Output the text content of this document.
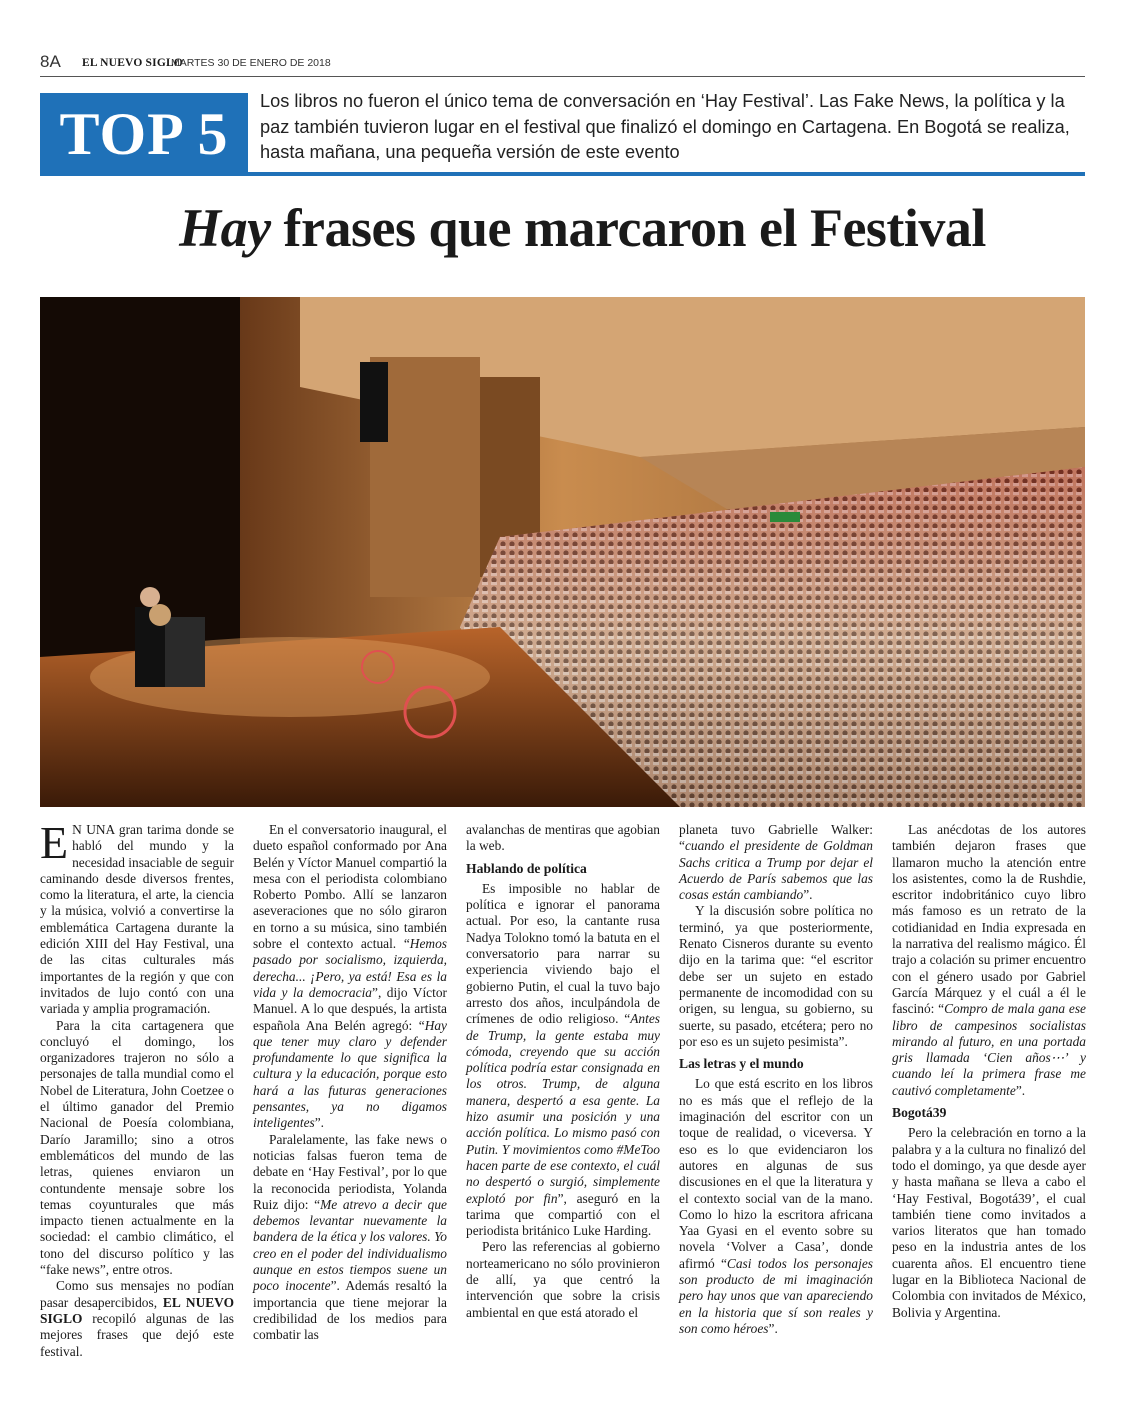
8A EL NUEVO SIGLO
MARTES 30 DE ENERO DE 2018
TOP 5	Los libros no fueron el único tema de conversación en ‘Hay Festival’. Las Fake News, la política y la paz también tuvieron lugar en el festival que finalizó el domingo en Cartagena. En Bogotá se realiza, hasta mañana, una pequeña versión de este evento

Hay frases que marcaron el Festival

E N UNA gran tarima donde se habló del mundo y la necesidad insaciable de seguir caminando desde diversos frentes, como la literatura, el arte, la ciencia y la música, volvió a convertirse la emblemática Cartagena durante la edición XIII del Hay Festival, una de las citas culturales más importantes de la región y que con invitados de lujo contó con una variada y amplia programación.

Para la cita cartagenera que concluyó el domingo, los organizadores trajeron no sólo a personajes de talla mundial como el Nobel de Literatura, John Coetzee o el último ganador del Premio Nacional de Poesía colombiana, Darío Jaramillo; sino a otros emblemáticos del mundo de las letras, quienes enviaron un contundente mensaje sobre los temas coyunturales que más impacto tienen actualmente en la sociedad: el cambio climático, el tono del discurso político y las “fake news”, entre otros.

Como sus mensajes no podían pasar desapercibidos, EL NUEVO SIGLO recopiló algunas de las mejores frases que dejó este festival.

En el conversatorio inaugural, el dueto español conformado por Ana Belén y Víctor Manuel compartió la mesa con el periodista colombiano Roberto Pombo. Allí se lanzaron aseveraciones que no sólo giraron en torno a su música, sino también sobre el contexto actual. “Hemos pasado por socialismo, izquierda, derecha... ¡Pero, ya está! Esa es la vida y la democracia”, dijo Víctor Manuel. A lo que después, la artista española Ana Belén agregó: “Hay que tener muy claro y defender profundamente lo que significa la cultura y la educación, porque esto hará a las futuras generaciones pensantes, ya no digamos inteligentes”.

Paralelamente, las fake news o noticias falsas fueron tema de debate en ‘Hay Festival’, por lo que la reconocida periodista, Yolanda Ruiz dijo: “Me atrevo a decir que debemos levantar nuevamente la bandera de la ética y los valores. Yo creo en el poder del individualismo aunque en estos tiempos suene un poco inocente”. Además resaltó la importancia que tiene mejorar la credibilidad de los medios para combatir las

avalanchas de mentiras que agobian la web.

Hablando de política

Es imposible no hablar de política e ignorar el panorama actual. Por eso, la cantante rusa Nadya Tolokno tomó la batuta en el conversatorio para narrar su experiencia viviendo bajo el gobierno Putin, el cual la tuvo bajo arresto dos años, inculpándola de crímenes de odio religioso. “Antes de Trump, la gente estaba muy cómoda, creyendo que su acción política podría estar consignada en los otros. Trump, de alguna manera, despertó a esa gente. La hizo asumir una posición y una acción política. Lo mismo pasó con Putin. Y movimientos como #MeToo hacen parte de ese contexto, el cuál no despertó o surgió, simplemente explotó por fin”, aseguró en la tarima que compartió con el periodista británico Luke Harding.

Pero las referencias al gobierno norteamericano no sólo provinieron de allí, ya que centró la intervención que sobre la crisis ambiental en que está atorado el

planeta tuvo Gabrielle Walker: “cuando el presidente de Goldman Sachs critica a Trump por dejar el Acuerdo de París sabemos que las cosas están cambiando”.

Y la discusión sobre política no terminó, ya que posteriormente, Renato Cisneros durante su evento dijo en la tarima que: “el escritor debe ser un sujeto en estado permanente de incomodidad con su origen, su lengua, su gobierno, su suerte, su pasado, etcétera; pero no por eso es un sujeto pesimista”.

Las letras y el mundo

Lo que está escrito en los libros no es más que el reflejo de la imaginación del escritor con un toque de realidad, o viceversa. Y eso es lo que evidenciaron los autores en algunas de sus discusiones en el que la literatura y el contexto social van de la mano. Como lo hizo la escritora africana Yaa Gyasi en el evento sobre su novela ‘Volver a Casa’, donde afirmó “Casi todos los personajes son producto de mi imaginación pero hay unos que van apareciendo en la historia que sí son reales y son como héroes”.

Las anécdotas de los autores también dejaron frases que llamaron mucho la atención entre los asistentes, como la de Rushdie, escritor indobritánico cuyo libro más famoso es un retrato de la cotidianidad en India expresada en la narrativa del realismo mágico. Él trajo a colación su primer encuentro con el género usado por Gabriel García Márquez y el cuál a él le fascinó: “Compro de mala gana ese libro de campesinos socialistas mirando al futuro, en una portada gris llamada ‘Cien años⋯’ y cuando leí la primera frase me cautivó completamente”.

Bogotá39

Pero la celebración en torno a la palabra y a la cultura no finalizó del todo el domingo, ya que desde ayer y hasta mañana se lleva a cabo el ‘Hay Festival, Bogotá39’, el cual también tiene como invitados a varios literatos que han tomado peso en la industria antes de los cuarenta años. El encuentro tiene lugar en la Biblioteca Nacional de Colombia con invitados de México, Bolivia y Argentina.
